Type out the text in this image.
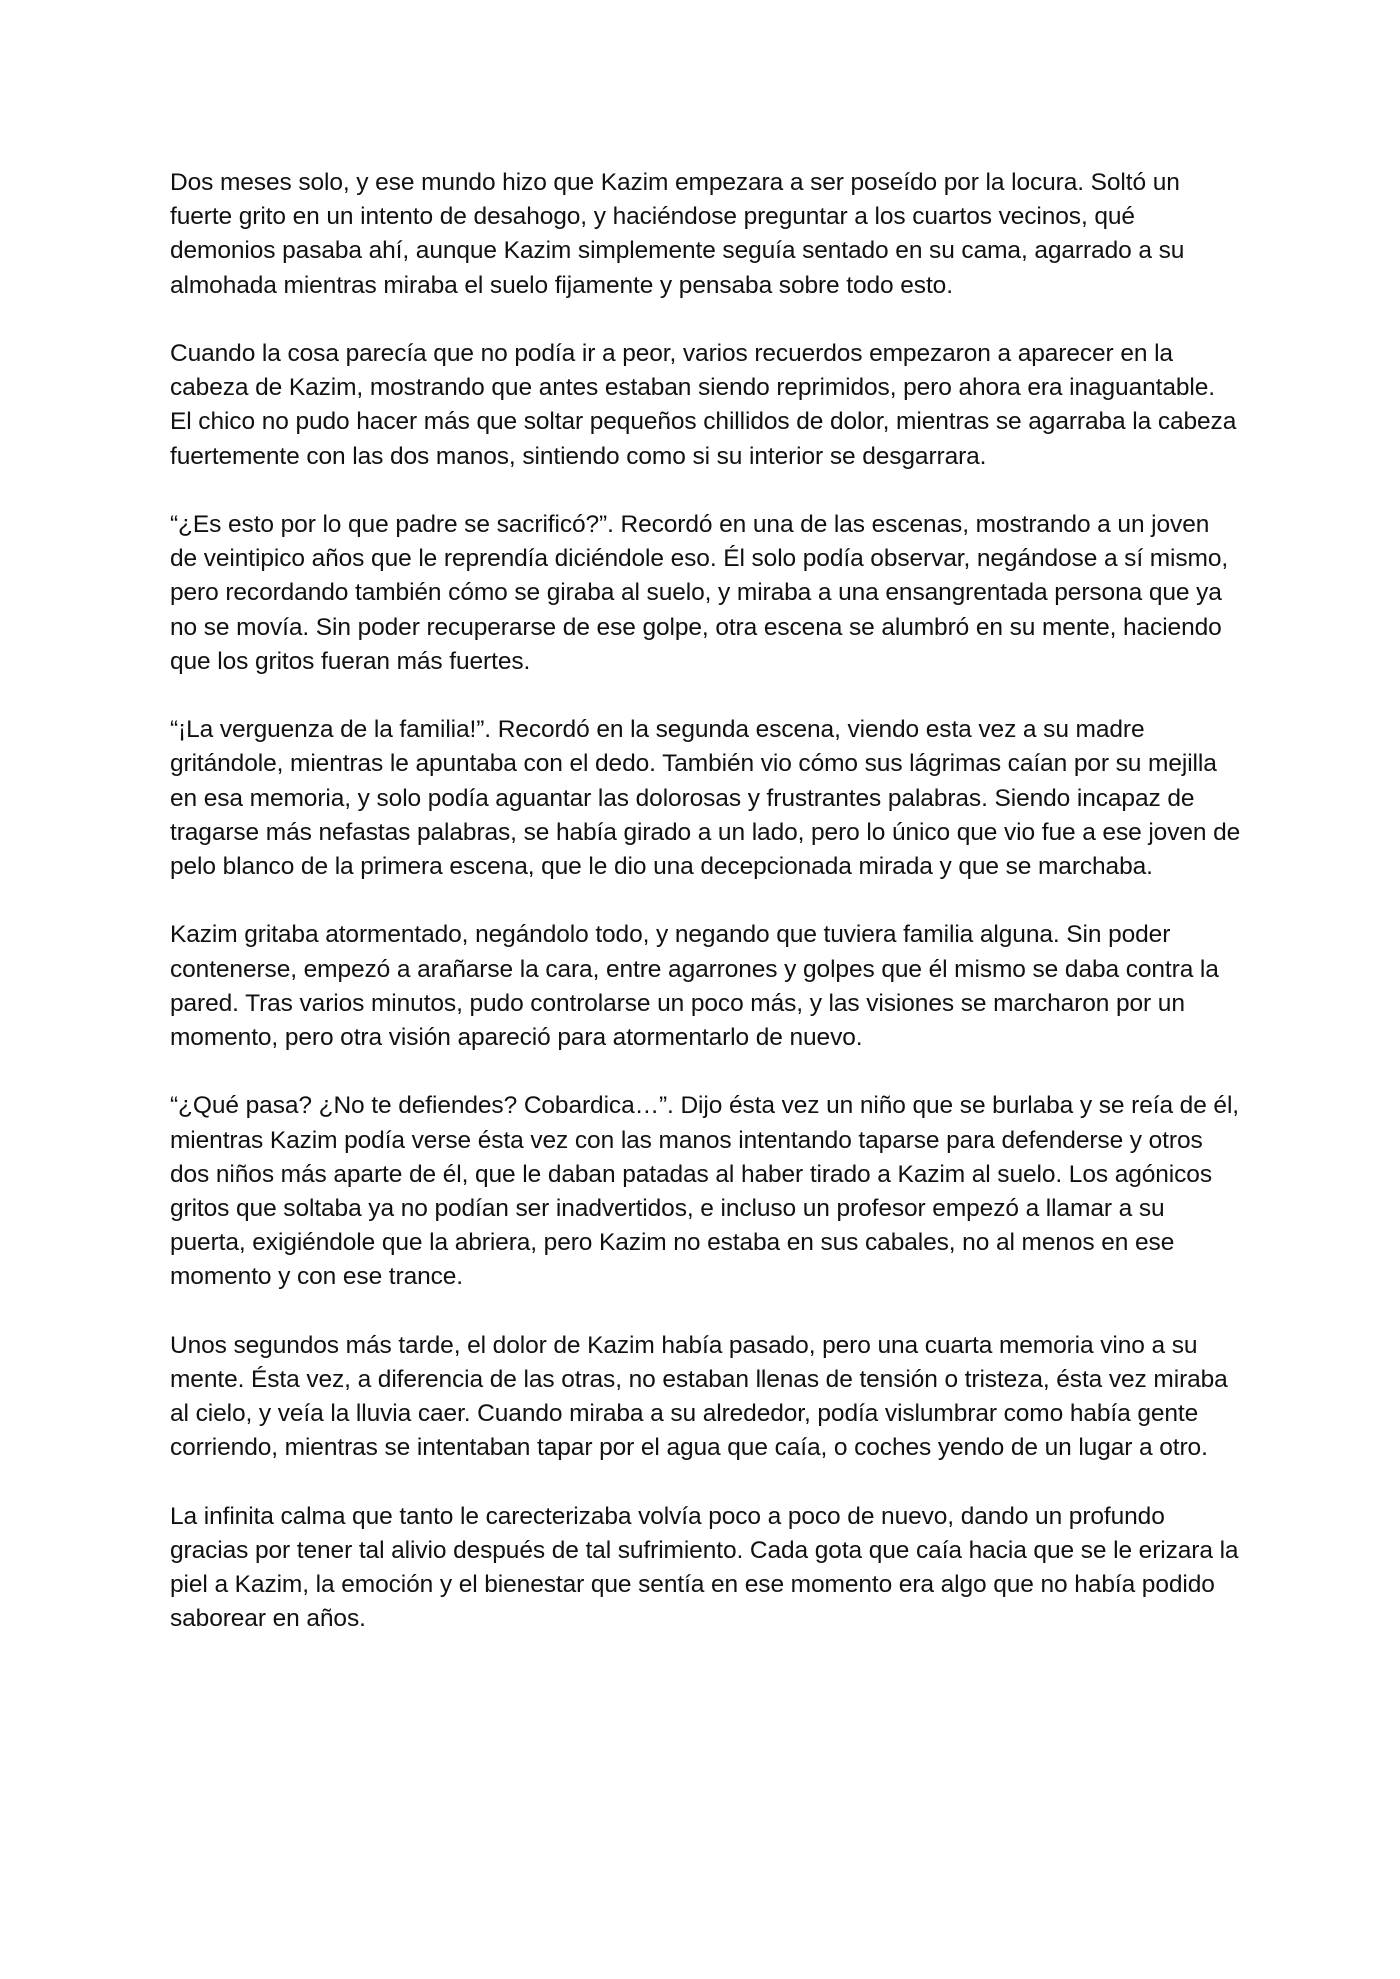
Dos meses solo, y ese mundo hizo que Kazim empezara a ser poseído por la locura. Soltó un fuerte grito en un intento de desahogo, y haciéndose preguntar a los cuartos vecinos, qué demonios pasaba ahí, aunque Kazim simplemente seguía sentado en su cama, agarrado a su almohada mientras miraba el suelo fijamente y pensaba sobre todo esto.

Cuando la cosa parecía que no podía ir a peor, varios recuerdos empezaron a aparecer en la cabeza de Kazim, mostrando que antes estaban siendo reprimidos, pero ahora era inaguantable. El chico no pudo hacer más que soltar pequeños chillidos de dolor, mientras se agarraba la cabeza fuertemente con las dos manos, sintiendo como si su interior se desgarrara.

“¿Es esto por lo que padre se sacrificó?”. Recordó en una de las escenas, mostrando a un joven de veintipico años que le reprendía diciéndole eso. Él solo podía observar, negándose a sí mismo, pero recordando también cómo se giraba al suelo, y miraba a una ensangrentada persona que ya no se movía. Sin poder recuperarse de ese golpe, otra escena se alumbró en su mente, haciendo que los gritos fueran más fuertes.

“¡La verguenza de la familia!”. Recordó en la segunda escena, viendo esta vez a su madre gritándole, mientras le apuntaba con el dedo. También vio cómo sus lágrimas caían por su mejilla en esa memoria, y solo podía aguantar las dolorosas y frustrantes palabras. Siendo incapaz de tragarse más nefastas palabras, se había girado a un lado, pero lo único que vio fue a ese joven de pelo blanco de la primera escena, que le dio una decepcionada mirada y que se marchaba.

Kazim gritaba atormentado, negándolo todo, y negando que tuviera familia alguna. Sin poder contenerse, empezó a arañarse la cara, entre agarrones y golpes que él mismo se daba contra la pared. Tras varios minutos, pudo controlarse un poco más, y las visiones se marcharon por un momento, pero otra visión apareció para atormentarlo de nuevo.

“¿Qué pasa? ¿No te defiendes? Cobardica…”. Dijo ésta vez un niño que se burlaba y se reía de él, mientras Kazim podía verse ésta vez con las manos intentando taparse para defenderse y otros dos niños más aparte de él, que le daban patadas al haber tirado a Kazim al suelo. Los agónicos gritos que soltaba ya no podían ser inadvertidos, e incluso un profesor empezó a llamar a su puerta, exigiéndole que la abriera, pero Kazim no estaba en sus cabales, no al menos en ese momento y con ese trance.

Unos segundos más tarde, el dolor de Kazim había pasado, pero una cuarta memoria vino a su mente. Ésta vez, a diferencia de las otras, no estaban llenas de tensión o tristeza, ésta vez miraba al cielo, y veía la lluvia caer. Cuando miraba a su alrededor, podía vislumbrar como había gente corriendo, mientras se intentaban tapar por el agua que caía, o coches yendo de un lugar a otro.

La infinita calma que tanto le carecterizaba volvía poco a poco de nuevo, dando un profundo gracias por tener tal alivio después de tal sufrimiento. Cada gota que caía hacia que se le erizara la piel a Kazim, la emoción y el bienestar que sentía en ese momento era algo que no había podido saborear en años.
